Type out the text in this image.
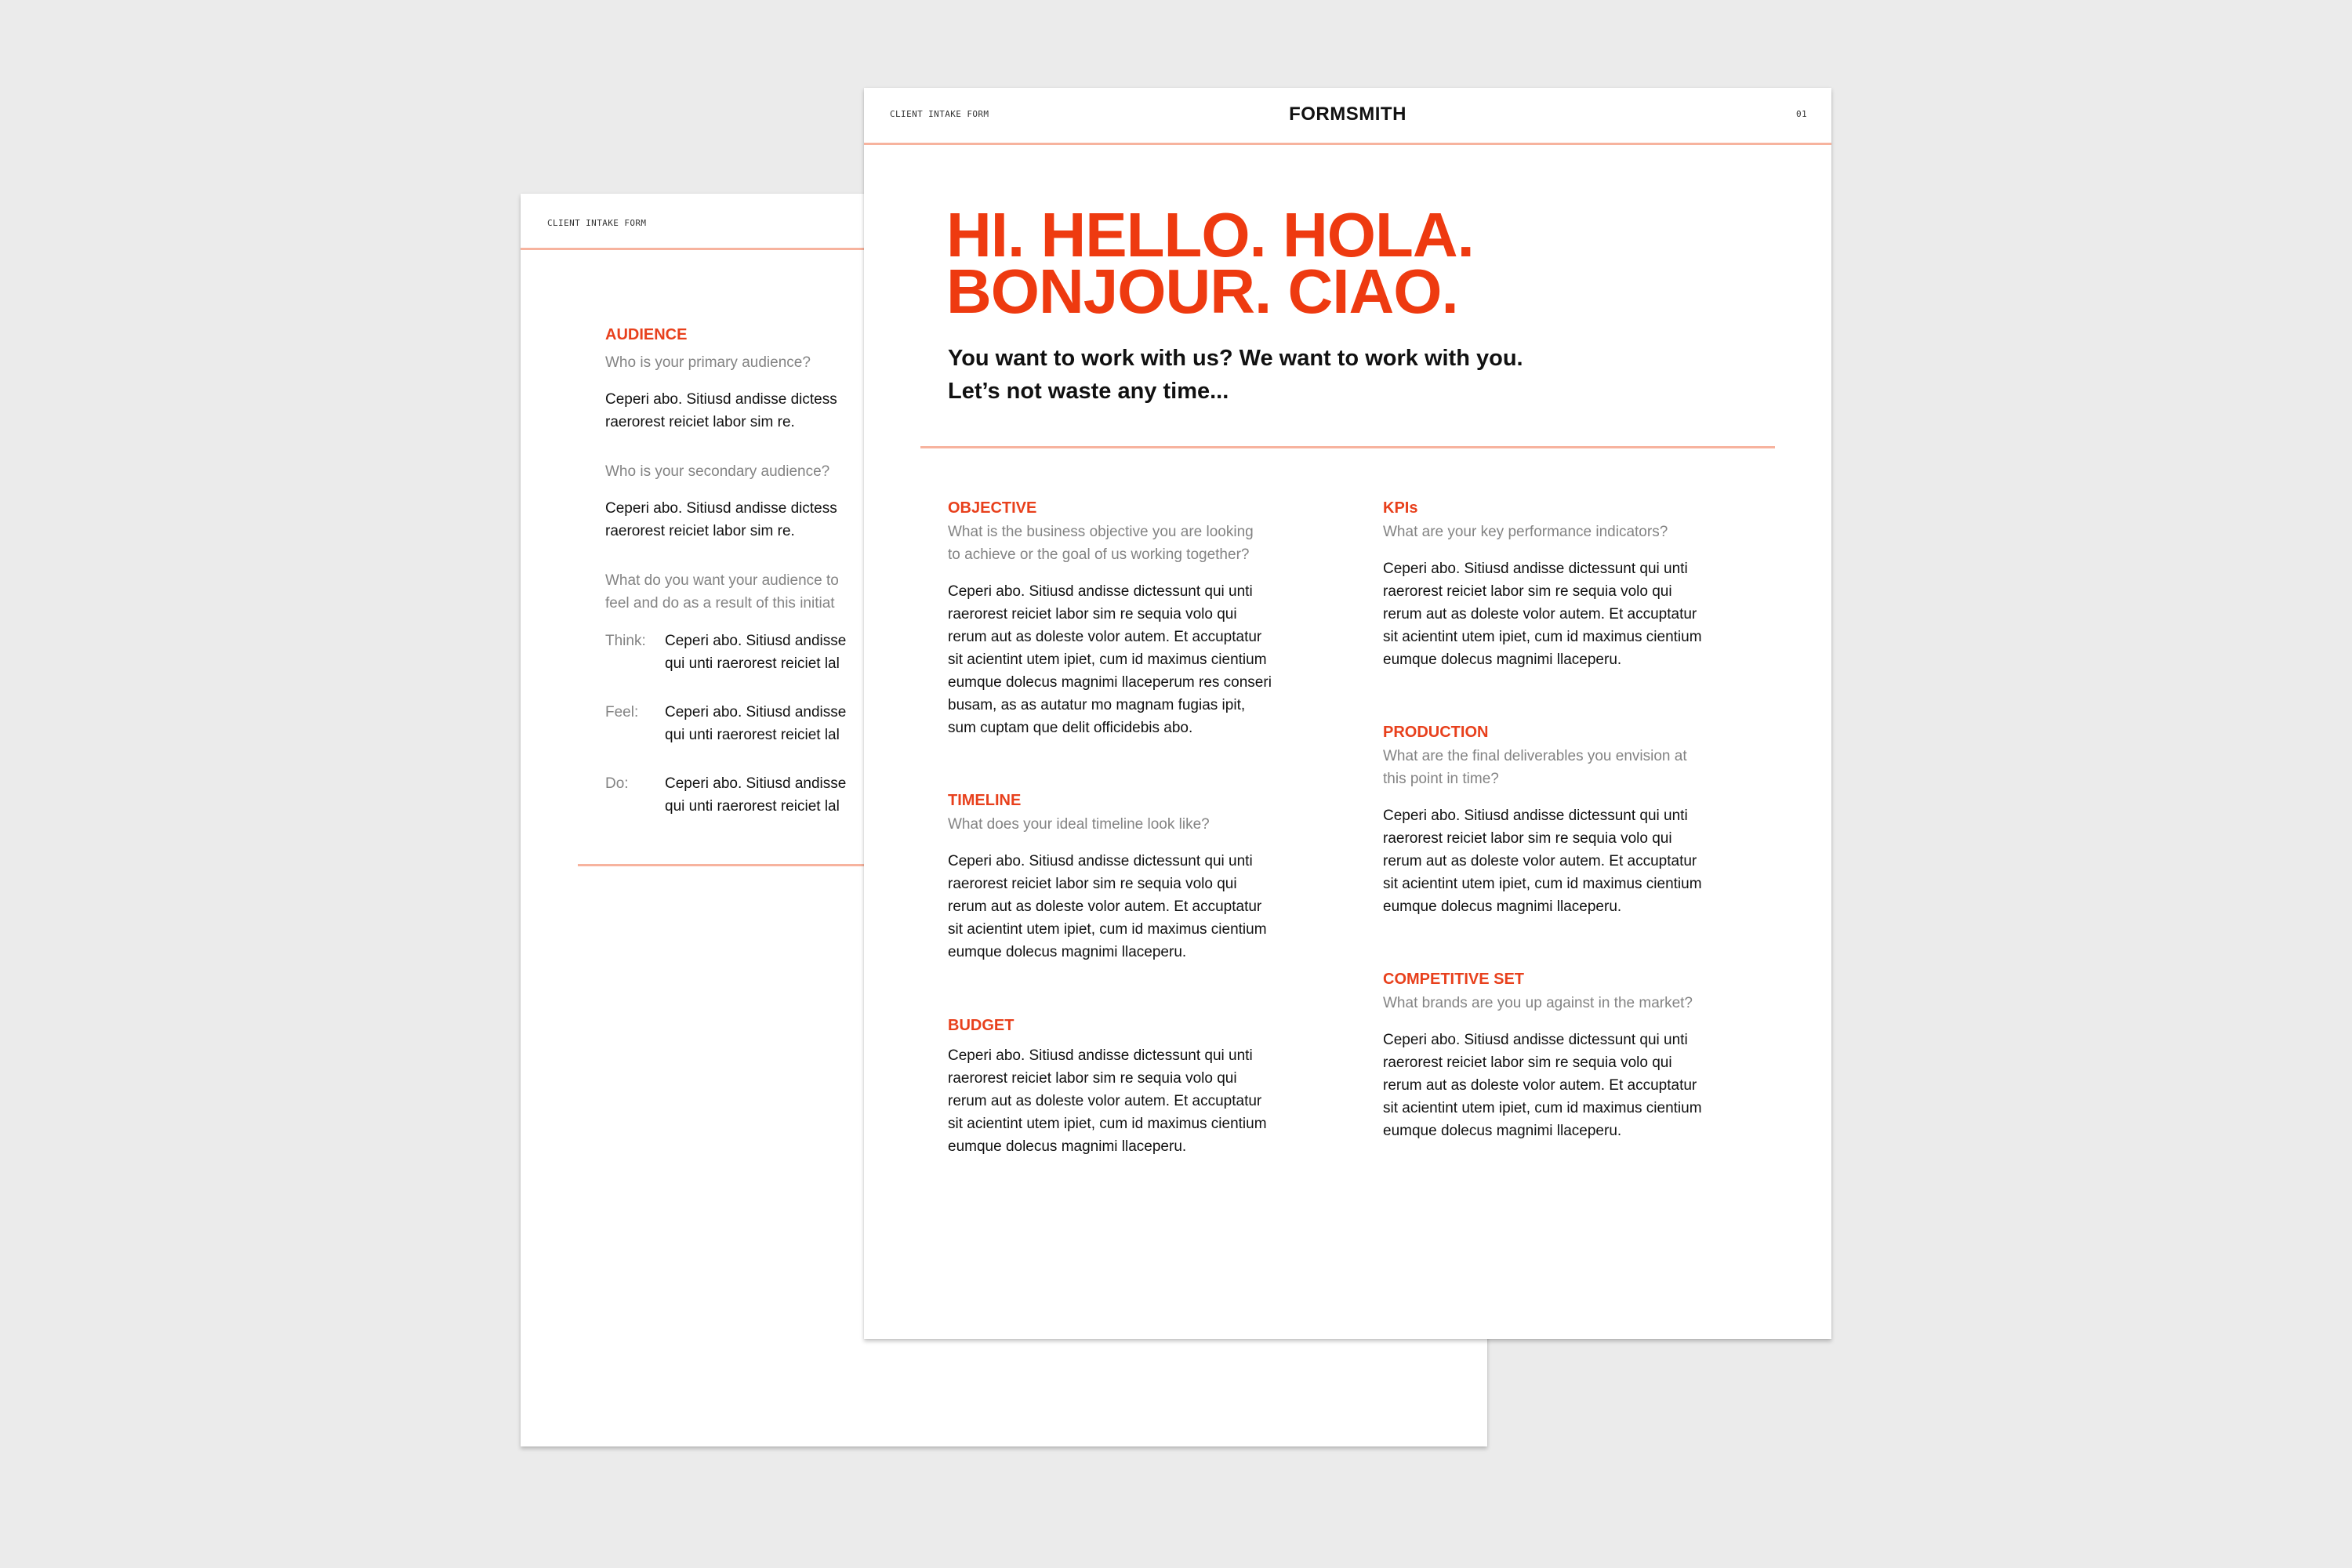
CLIENT INTAKE FORM
AUDIENCE
Who is your primary audience?
Ceperi abo. Sitiusd andisse dictess
raerorest reiciet labor sim re.
Who is your secondary audience?
Ceperi abo. Sitiusd andisse dictess
raerorest reiciet labor sim re.
What do you want your audience to
feel and do as a result of this initiat
Think: Ceperi abo. Sitiusd andisse
qui unti raerorest reiciet lal
Feel: Ceperi abo. Sitiusd andisse
qui unti raerorest reiciet lal
Do: Ceperi abo. Sitiusd andisse
qui unti raerorest reiciet lal
CLIENT INTAKE FORM	FORMSMITH	01
HI. HELLO. HOLA.
BONJOUR. CIAO.
You want to work with us? We want to work with you.
Let’s not waste any time...
OBJECTIVE
What is the business objective you are looking
to achieve or the goal of us working together?
Ceperi abo. Sitiusd andisse dictessunt qui unti
raerorest reiciet labor sim re sequia volo qui
rerum aut as doleste volor autem. Et accuptatur
sit acientint utem ipiet, cum id maximus cientium
eumque dolecus magnimi llaceperum res conseri
busam, as as autatur mo magnam fugias ipit,
sum cuptam que delit officidebis abo.
TIMELINE
What does your ideal timeline look like?
Ceperi abo. Sitiusd andisse dictessunt qui unti
raerorest reiciet labor sim re sequia volo qui
rerum aut as doleste volor autem. Et accuptatur
sit acientint utem ipiet, cum id maximus cientium
eumque dolecus magnimi llaceperu.
BUDGET
Ceperi abo. Sitiusd andisse dictessunt qui unti
raerorest reiciet labor sim re sequia volo qui
rerum aut as doleste volor autem. Et accuptatur
sit acientint utem ipiet, cum id maximus cientium
eumque dolecus magnimi llaceperu.
KPIs
What are your key performance indicators?
Ceperi abo. Sitiusd andisse dictessunt qui unti
raerorest reiciet labor sim re sequia volo qui
rerum aut as doleste volor autem. Et accuptatur
sit acientint utem ipiet, cum id maximus cientium
eumque dolecus magnimi llaceperu.
PRODUCTION
What are the final deliverables you envision at
this point in time?
Ceperi abo. Sitiusd andisse dictessunt qui unti
raerorest reiciet labor sim re sequia volo qui
rerum aut as doleste volor autem. Et accuptatur
sit acientint utem ipiet, cum id maximus cientium
eumque dolecus magnimi llaceperu.
COMPETITIVE SET
What brands are you up against in the market?
Ceperi abo. Sitiusd andisse dictessunt qui unti
raerorest reiciet labor sim re sequia volo qui
rerum aut as doleste volor autem. Et accuptatur
sit acientint utem ipiet, cum id maximus cientium
eumque dolecus magnimi llaceperu.
